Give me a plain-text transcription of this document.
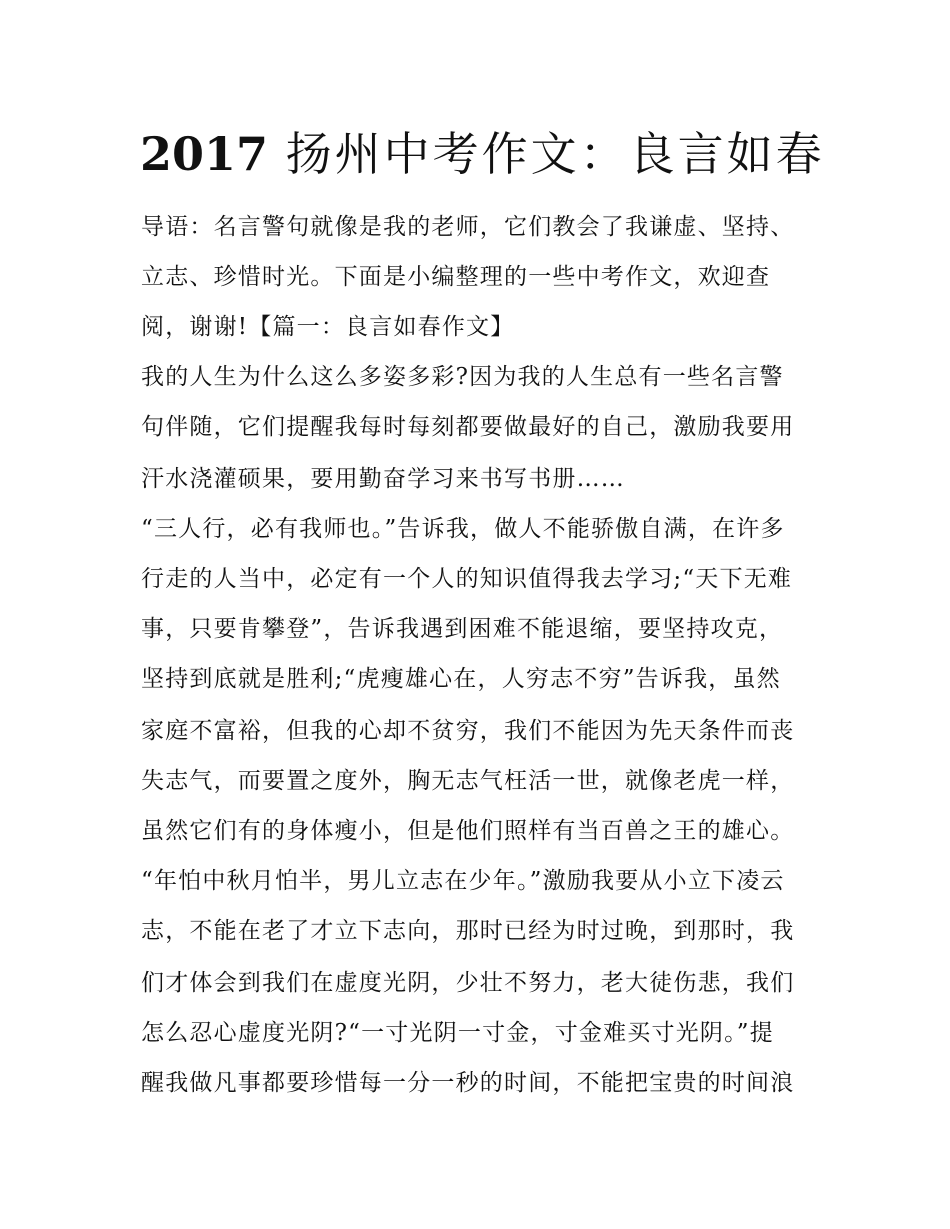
2017 扬州中考作文：良言如春

导语：名言警句就像是我的老师，它们教会了我谦虚、坚持、

立志、珍惜时光。下面是小编整理的一些中考作文，欢迎查

阅，谢谢!【篇一：良言如春作文】

我的人生为什么这么多姿多彩?因为我的人生总有一些名言警

句伴随，它们提醒我每时每刻都要做最好的自己，激励我要用

汗水浇灌硕果，要用勤奋学习来书写书册……

“三人行，必有我师也。”告诉我，做人不能骄傲自满，在许多

行走的人当中，必定有一个人的知识值得我去学习;“天下无难

事，只要肯攀登”，告诉我遇到困难不能退缩，要坚持攻克，

坚持到底就是胜利;“虎瘦雄心在，人穷志不穷”告诉我，虽然

家庭不富裕，但我的心却不贫穷，我们不能因为先天条件而丧

失志气，而要置之度外，胸无志气枉活一世，就像老虎一样，

虽然它们有的身体瘦小，但是他们照样有当百兽之王的雄心。

“年怕中秋月怕半，男儿立志在少年。”激励我要从小立下凌云

志，不能在老了才立下志向，那时已经为时过晚，到那时，我

们才体会到我们在虚度光阴，少壮不努力，老大徒伤悲，我们

怎么忍心虚度光阴?“一寸光阴一寸金，寸金难买寸光阴。”提

醒我做凡事都要珍惜每一分一秒的时间，不能把宝贵的时间浪
